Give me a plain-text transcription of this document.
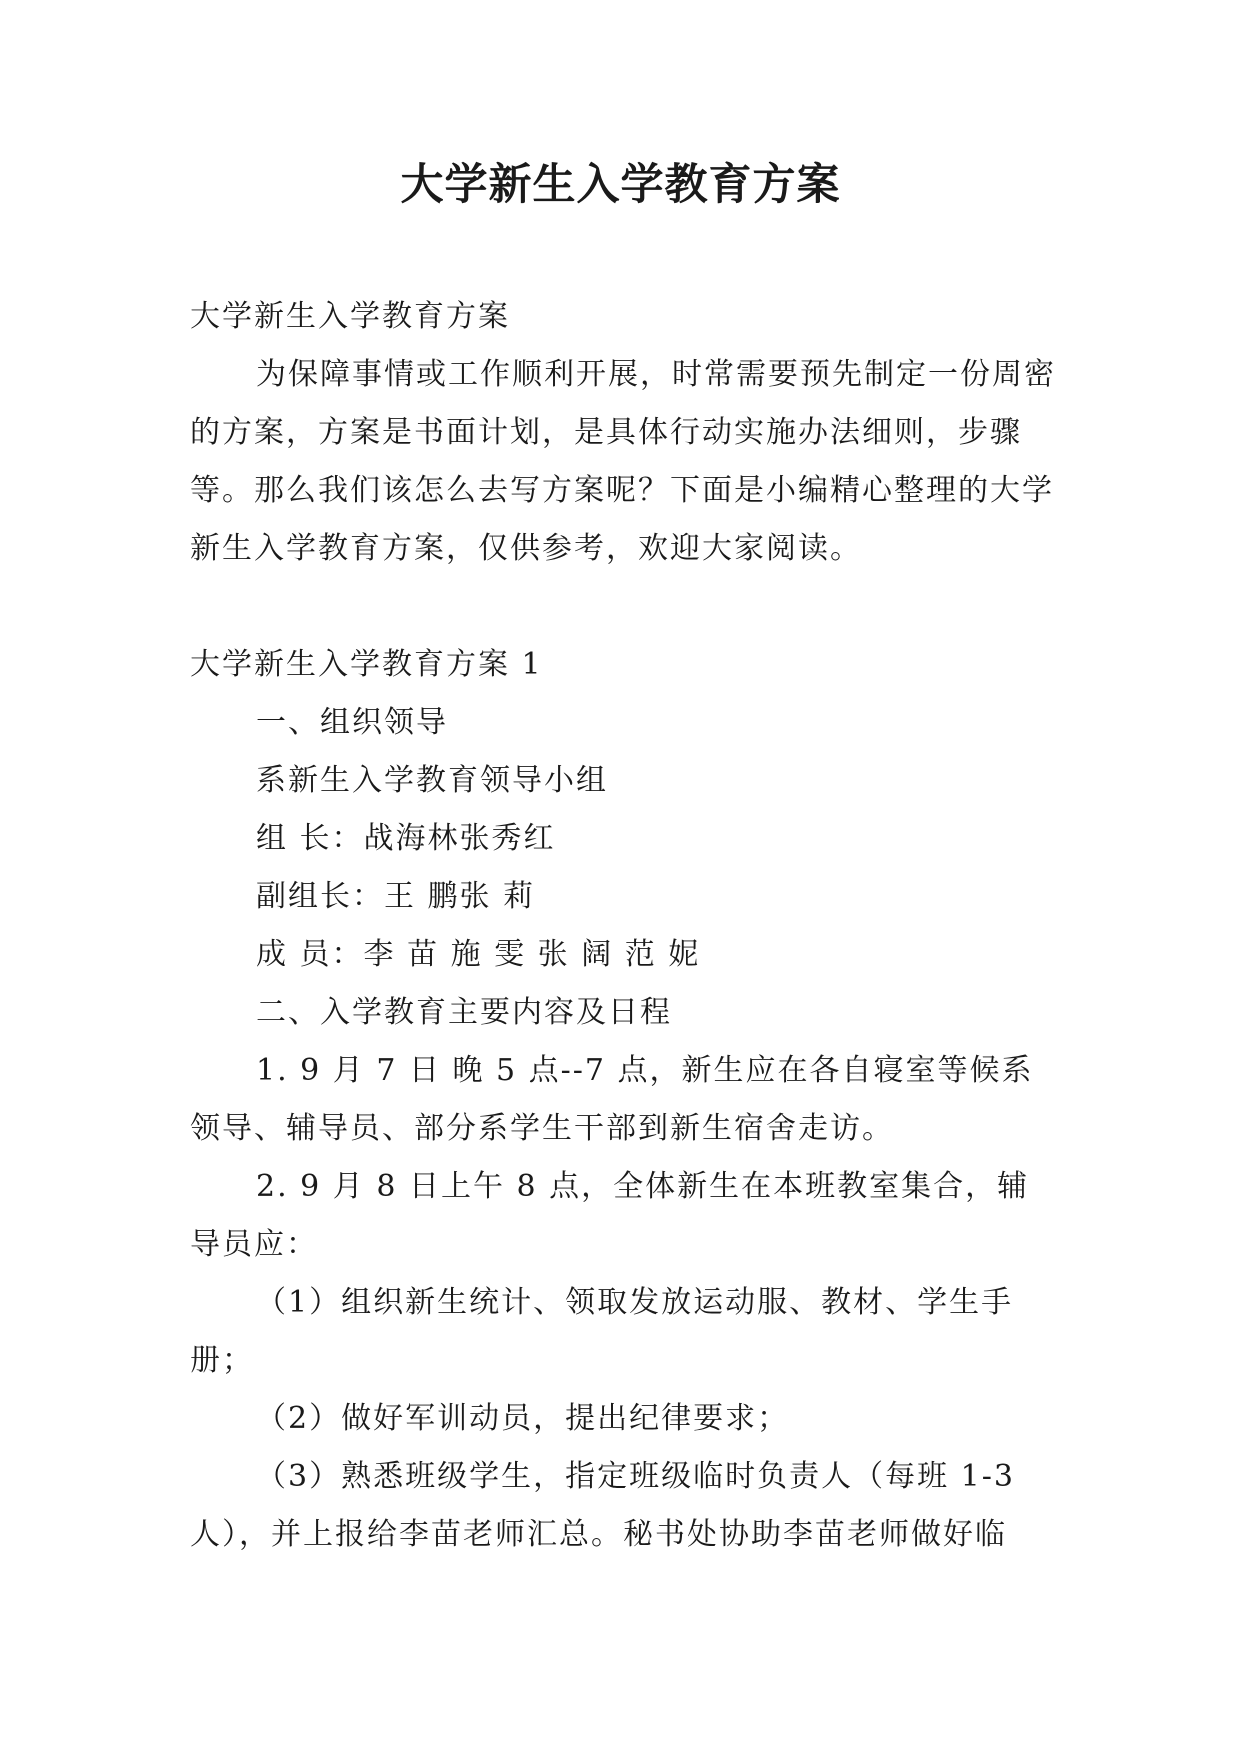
大学新生入学教育方案

大学新生入学教育方案

为保障事情或工作顺利开展，时常需要预先制定一份周密的方案，方案是书面计划，是具体行动实施办法细则，步骤等。那么我们该怎么去写方案呢？下面是小编精心整理的大学新生入学教育方案，仅供参考，欢迎大家阅读。

大学新生入学教育方案 1

一、组织领导

系新生入学教育领导小组

组 长：战海林张秀红

副组长：王 鹏张 莉

成 员：李 苗 施 雯 张 阔 范 妮

二、入学教育主要内容及日程

1. 9 月 7 日 晚 5 点--7 点，新生应在各自寝室等候系领导、辅导员、部分系学生干部到新生宿舍走访。

2. 9 月 8 日上午 8 点，全体新生在本班教室集合，辅导员应：

（1）组织新生统计、领取发放运动服、教材、学生手册；

（2）做好军训动员，提出纪律要求；

（3）熟悉班级学生，指定班级临时负责人（每班 1-3 人），并上报给李苗老师汇总。秘书处协助李苗老师做好临
